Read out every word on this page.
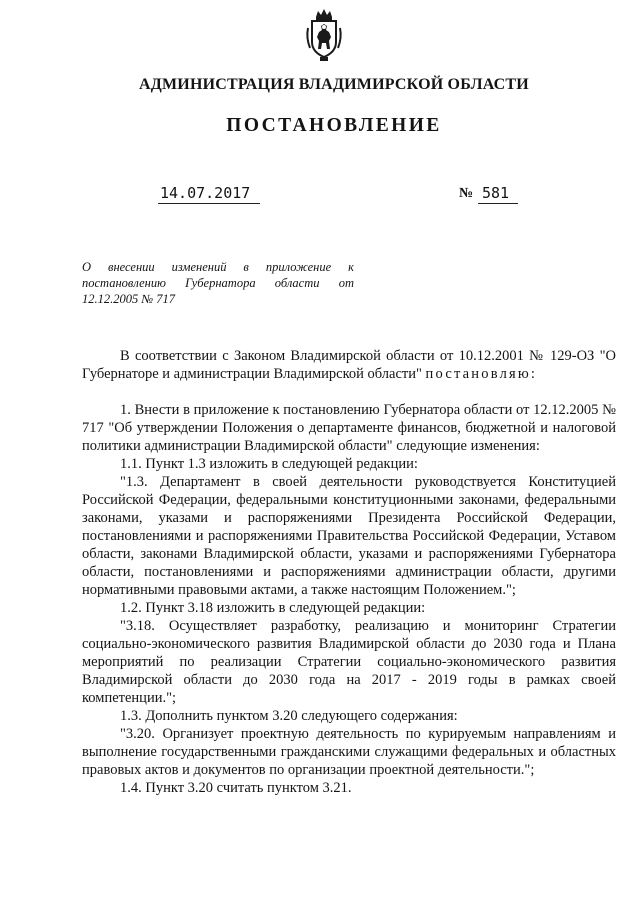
АДМИНИСТРАЦИЯ ВЛАДИМИРСКОЙ ОБЛАСТИ
ПОСТАНОВЛЕНИЕ
14.07.2017	№ 581
О внесении изменений в приложение к
постановлению Губернатора области от
12.12.2005 № 717

В соответствии с Законом Владимирской области от 10.12.2001 № 129-ОЗ "О Губернаторе и администрации Владимирской области" постановляю:

1. Внести в приложение к постановлению Губернатора области от 12.12.2005 № 717 "Об утверждении Положения о департаменте финансов, бюджетной и налоговой политики администрации Владимирской области" следующие изменения:

1.1. Пункт 1.3 изложить в следующей редакции:

"1.3. Департамент в своей деятельности руководствуется Конституцией Российской Федерации, федеральными конституционными законами, федеральными законами, указами и распоряжениями Президента Российской Федерации, постановлениями и распоряжениями Правительства Российской Федерации, Уставом области, законами Владимирской области, указами и распоряжениями Губернатора области, постановлениями и распоряжениями администрации области, другими нормативными правовыми актами, а также настоящим Положением.";

1.2. Пункт 3.18 изложить в следующей редакции:

"3.18. Осуществляет разработку, реализацию и мониторинг Стратегии социально-экономического развития Владимирской области до 2030 года и Плана мероприятий по реализации Стратегии социально-экономического развития Владимирской области до 2030 года на 2017 - 2019 годы в рамках своей компетенции.";

1.3. Дополнить пунктом 3.20 следующего содержания:

"3.20. Организует проектную деятельность по курируемым направлениям и выполнение государственными гражданскими служащими федеральных и областных правовых актов и документов по организации проектной деятельности.";

1.4. Пункт 3.20 считать пунктом 3.21.
